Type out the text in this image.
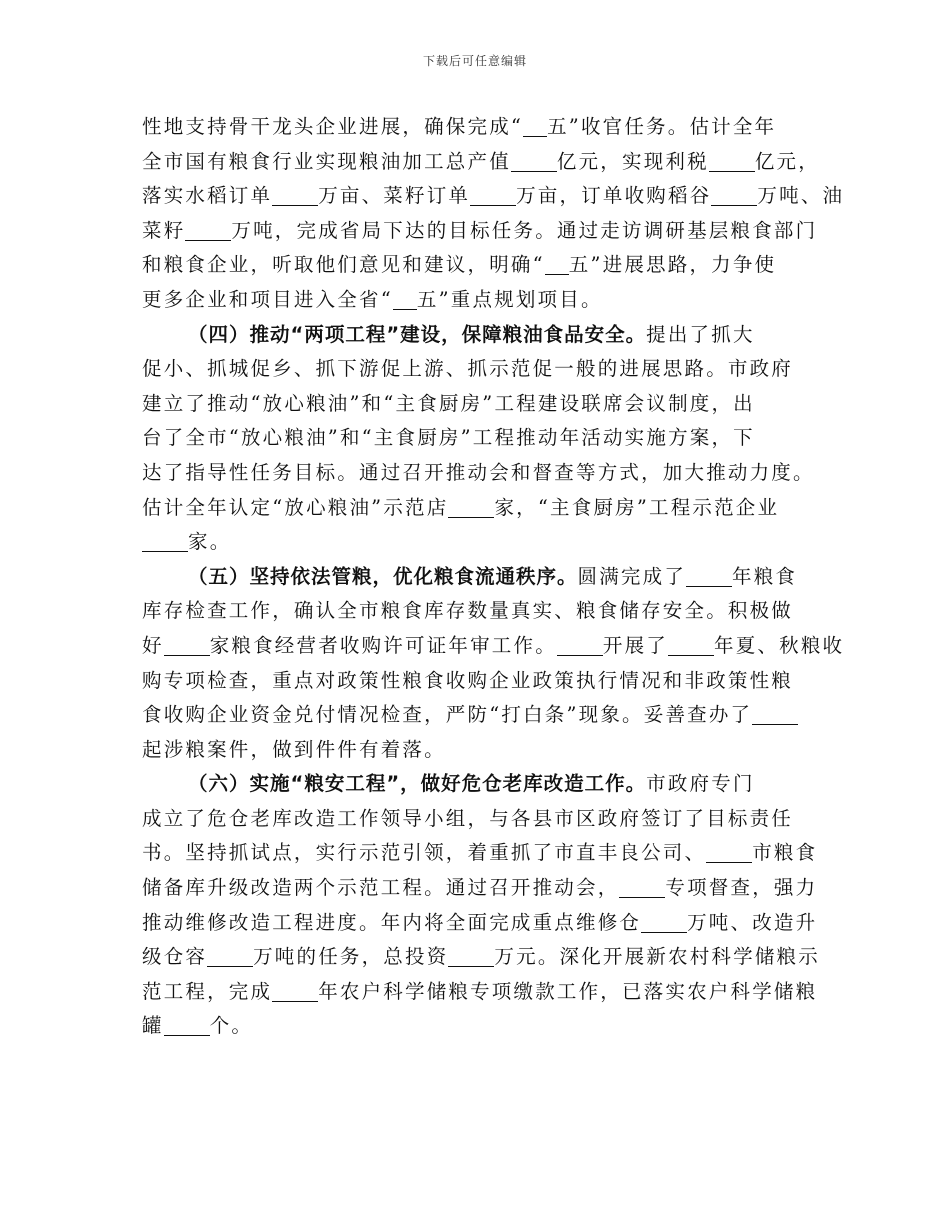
下载后可任意编辑
性地支持骨干龙头企业进展，确保完成“ 五”收官任务。估计全年
全市国有粮食行业实现粮油加工总产值 亿元，实现利税 亿元，
落实水稻订单 万亩、菜籽订单 万亩，订单收购稻谷 万吨、油
菜籽 万吨，完成省局下达的目标任务。通过走访调研基层粮食部门
和粮食企业，听取他们意见和建议，明确“ 五”进展思路，力争使
更多企业和项目进入全省“ 五”重点规划项目。
（四）推动“两项工程”建设，保障粮油食品安全。提出了抓大
促小、抓城促乡、抓下游促上游、抓示范促一般的进展思路。市政府
建立了推动“放心粮油”和“主食厨房”工程建设联席会议制度，出
台了全市“放心粮油”和“主食厨房”工程推动年活动实施方案，下
达了指导性任务目标。通过召开推动会和督查等方式，加大推动力度。
估计全年认定“放心粮油”示范店 家，“主食厨房”工程示范企业
家。
（五）坚持依法管粮，优化粮食流通秩序。圆满完成了 年粮食
库存检查工作，确认全市粮食库存数量真实、粮食储存安全。积极做
好 家粮食经营者收购许可证年审工作。 开展了 年夏、秋粮收
购专项检查，重点对政策性粮食收购企业政策执行情况和非政策性粮
食收购企业资金兑付情况检查，严防“打白条”现象。妥善查办了
起涉粮案件，做到件件有着落。
（六）实施“粮安工程”，做好危仓老库改造工作。市政府专门
成立了危仓老库改造工作领导小组，与各县市区政府签订了目标责任
书。坚持抓试点，实行示范引领，着重抓了市直丰良公司、 市粮食
储备库升级改造两个示范工程。通过召开推动会， 专项督查，强力
推动维修改造工程进度。年内将全面完成重点维修仓 万吨、改造升
级仓容 万吨的任务，总投资 万元。深化开展新农村科学储粮示
范工程，完成 年农户科学储粮专项缴款工作，已落实农户科学储粮
罐 个。
